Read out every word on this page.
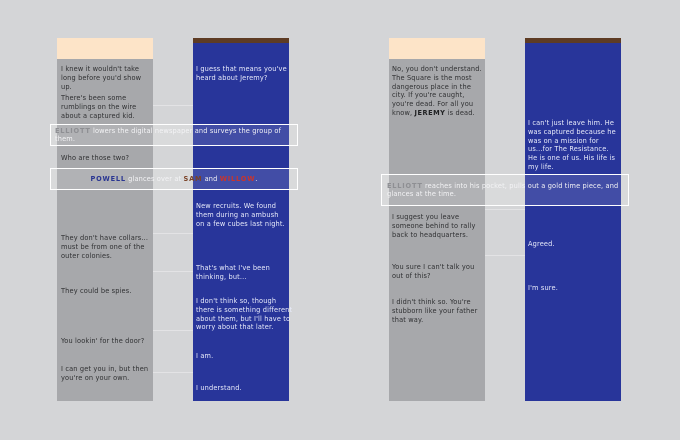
I knew it wouldn't take long before you'd show up.

There's been some rumblings on the wire about a captured kid.

Who are those two?

They don't have collars... must be from one of the outer colonies.

They could be spies.

You lookin' for the door?

I can get you in, but then you're on your own.

I guess that means you've heard about Jeremy?

New recruits. We found them during an ambush on a few cubes last night.

That's what I've been thinking, but...

I don't think so, though there is something different about them, but I'll have to worry about that later.

I am.

I understand.

ELLIOTT lowers the digital newspaper and surveys the group of them.
POWELL glances over at SAM and WILLOW.

No, you don't understand. The Square is the most dangerous place in the city. If you're caught, you're dead. For all you know, JEREMY is dead.

I suggest you leave someone behind to rally back to headquarters.

You sure I can't talk you out of this?

I didn't think so. You're stubborn like your father that way.

I can't just leave him. He was captured because he was on a mission for us...for The Resistance. He is one of us. His life is my life.

Agreed.

I'm sure.

ELLIOTT reaches into his pocket, pulls out a gold time piece, and glances at the time.
